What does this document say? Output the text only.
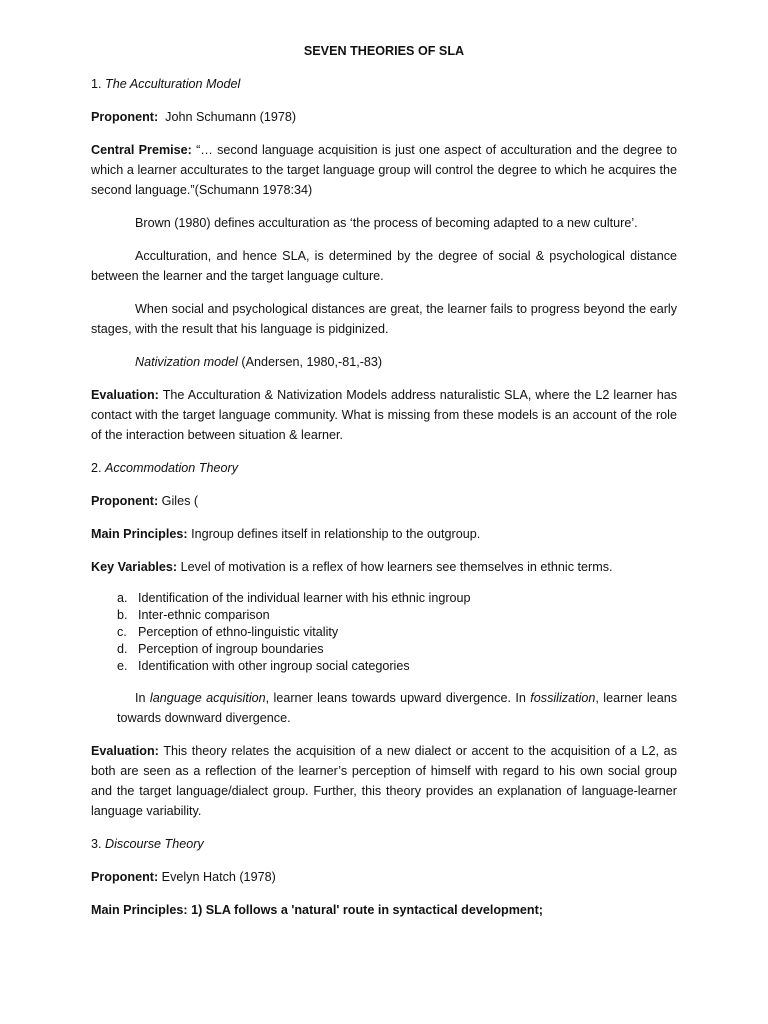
SEVEN THEORIES OF SLA

1. The Acculturation Model

Proponent: John Schumann (1978)

Central Premise: “… second language acquisition is just one aspect of acculturation and the degree to which a learner acculturates to the target language group will control the degree to which he acquires the second language.”(Schumann 1978:34)

Brown (1980) defines acculturation as ‘the process of becoming adapted to a new culture’.

Acculturation, and hence SLA, is determined by the degree of social & psychological distance between the learner and the target language culture.

When social and psychological distances are great, the learner fails to progress beyond the early stages, with the result that his language is pidginized.

Nativization model (Andersen, 1980,-81,-83)

Evaluation: The Acculturation & Nativization Models address naturalistic SLA, where the L2 learner has contact with the target language community. What is missing from these models is an account of the role of the interaction between situation & learner.

2. Accommodation Theory

Proponent: Giles (

Main Principles: Ingroup defines itself in relationship to the outgroup.

Key Variables: Level of motivation is a reflex of how learners see themselves in ethnic terms.

a. Identification of the individual learner with his ethnic ingroup
b. Inter-ethnic comparison
c. Perception of ethno-linguistic vitality
d. Perception of ingroup boundaries
e. Identification with other ingroup social categories

In language acquisition, learner leans towards upward divergence. In fossilization, learner leans towards downward divergence.

Evaluation: This theory relates the acquisition of a new dialect or accent to the acquisition of a L2, as both are seen as a reflection of the learner’s perception of himself with regard to his own social group and the target language/dialect group. Further, this theory provides an explanation of language-learner language variability.

3. Discourse Theory

Proponent: Evelyn Hatch (1978)

Main Principles: 1) SLA follows a 'natural' route in syntactical development;
